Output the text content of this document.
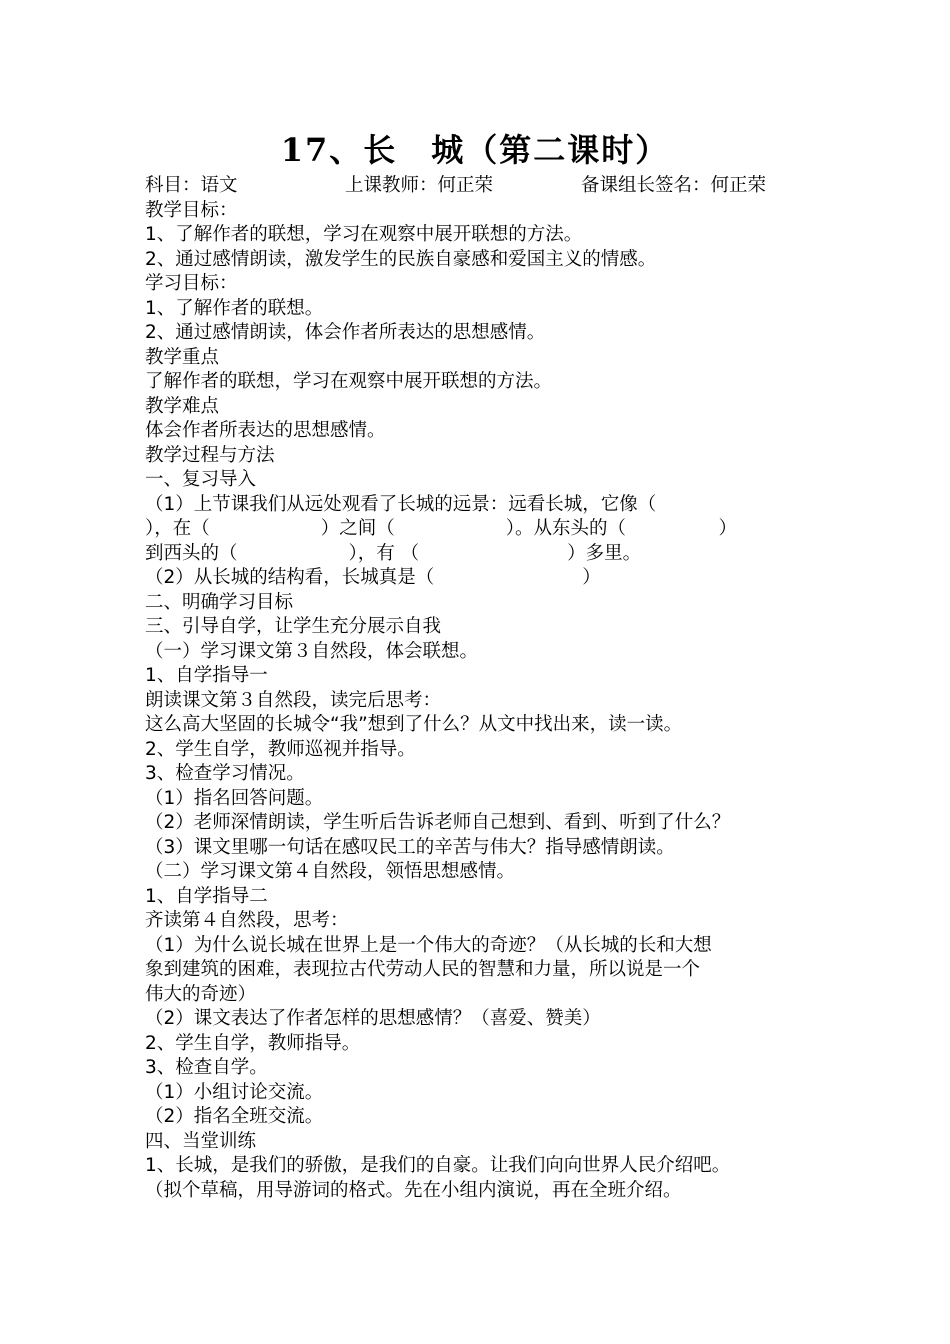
17、长　城（第二课时）
科目：语文	上课教师：何正荣	备课组长签名：何正荣
教学目标：
1、了解作者的联想，学习在观察中展开联想的方法。
2、通过感情朗读，激发学生的民族自豪感和爱国主义的情感。
学习目标：
1、了解作者的联想。
2、通过感情朗读，体会作者所表达的思想感情。
教学重点
了解作者的联想，学习在观察中展开联想的方法。
教学难点
体会作者所表达的思想感情。
教学过程与方法
一、复习导入
（1）上节课我们从远处观看了长城的远景：远看长城，它像（
），在（　　　　　　）之间（　　　　　　）。从东头的（　　　　　）
到西头的（　　　　　　），有 （　　　　　　　　）多里。
（2）从长城的结构看，长城真是（　　　　　　　　）
二、明确学习目标
三、引导自学，让学生充分展示自我
（一）学习课文第３自然段，体会联想。
1、自学指导一
朗读课文第３自然段，读完后思考：
这么高大坚固的长城令“我”想到了什么？从文中找出来，读一读。
2、学生自学，教师巡视并指导。
3、检查学习情况。
（1）指名回答问题。
（2）老师深情朗读，学生听后告诉老师自己想到、看到、听到了什么？
（3）课文里哪一句话在感叹民工的辛苦与伟大？指导感情朗读。
（二）学习课文第４自然段，领悟思想感情。
1、自学指导二
齐读第４自然段，思考：
（1）为什么说长城在世界上是一个伟大的奇迹？（从长城的长和大想
象到建筑的困难，表现拉古代劳动人民的智慧和力量，所以说是一个
伟大的奇迹）
（2）课文表达了作者怎样的思想感情？（喜爱、赞美）
2、学生自学，教师指导。
3、检查自学。
（1）小组讨论交流。
（2）指名全班交流。
四、当堂训练
1、长城，是我们的骄傲，是我们的自豪。让我们向向世界人民介绍吧。
（拟个草稿，用导游词的格式。先在小组内演说，再在全班介绍。
